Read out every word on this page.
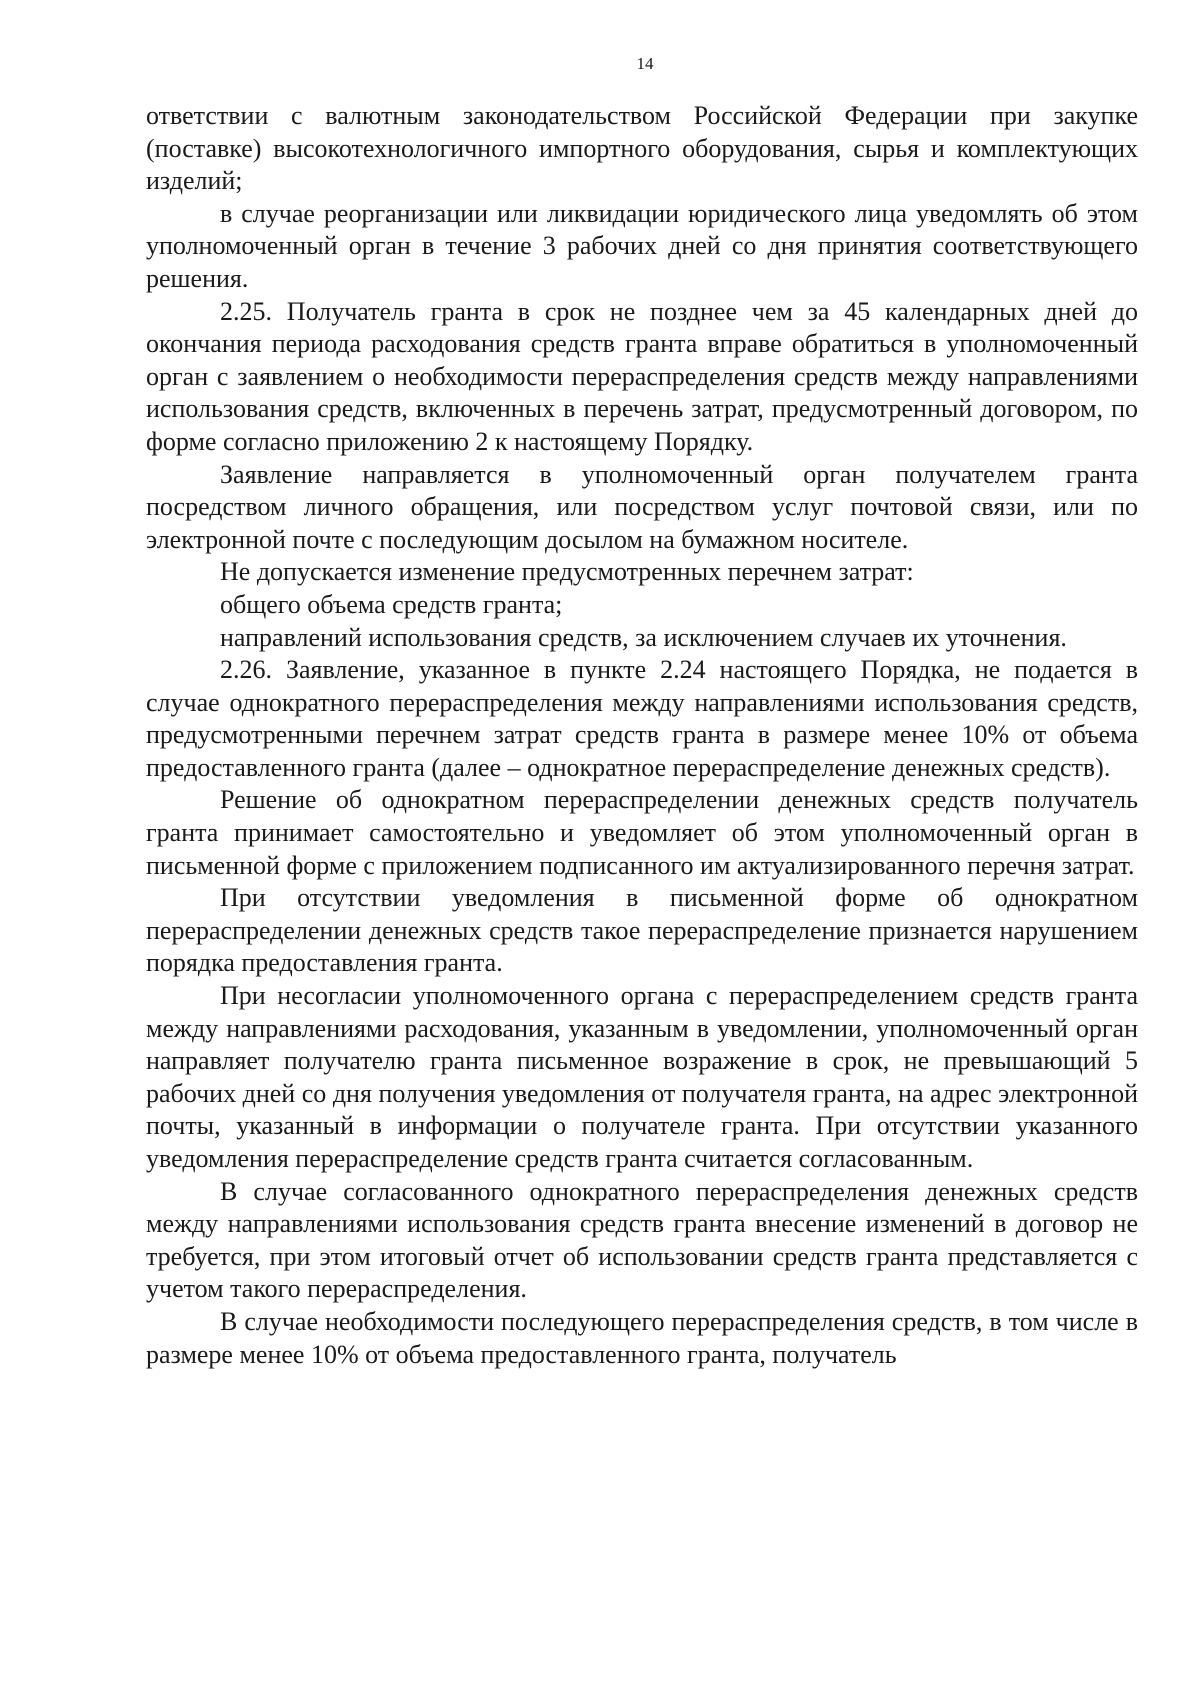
14

ответствии с валютным законодательством Российской Федерации при закупке (поставке) высокотехнологичного импортного оборудования, сырья и комплектующих изделий;

в случае реорганизации или ликвидации юридического лица уведомлять об этом уполномоченный орган в течение 3 рабочих дней со дня принятия соответствующего решения.

2.25. Получатель гранта в срок не позднее чем за 45 календарных дней до окончания периода расходования средств гранта вправе обратиться в уполномоченный орган с заявлением о необходимости перераспределения средств между направлениями использования средств, включенных в перечень затрат, предусмотренный договором, по форме согласно приложению 2 к настоящему Порядку.

Заявление направляется в уполномоченный орган получателем гранта посредством личного обращения, или посредством услуг почтовой связи, или по электронной почте с последующим досылом на бумажном носителе.

Не допускается изменение предусмотренных перечнем затрат:

общего объема средств гранта;

направлений использования средств, за исключением случаев их уточнения.

2.26. Заявление, указанное в пункте 2.24 настоящего Порядка, не подается в случае однократного перераспределения между направлениями использования средств, предусмотренными перечнем затрат средств гранта в размере менее 10% от объема предоставленного гранта (далее – однократное перераспределение денежных средств).

Решение об однократном перераспределении денежных средств получатель гранта принимает самостоятельно и уведомляет об этом уполномоченный орган в письменной форме с приложением подписанного им актуализированного перечня затрат.

При отсутствии уведомления в письменной форме об однократном перераспределении денежных средств такое перераспределение признается нарушением порядка предоставления гранта.

При несогласии уполномоченного органа с перераспределением средств гранта между направлениями расходования, указанным в уведомлении, уполномоченный орган направляет получателю гранта письменное возражение в срок, не превышающий 5 рабочих дней со дня получения уведомления от получателя гранта, на адрес электронной почты, указанный в информации о получателе гранта. При отсутствии указанного уведомления перераспределение средств гранта считается согласованным.

В случае согласованного однократного перераспределения денежных средств между направлениями использования средств гранта внесение изменений в договор не требуется, при этом итоговый отчет об использовании средств гранта представляется с учетом такого перераспределения.

В случае необходимости последующего перераспределения средств, в том числе в размере менее 10% от объема предоставленного гранта, получатель
